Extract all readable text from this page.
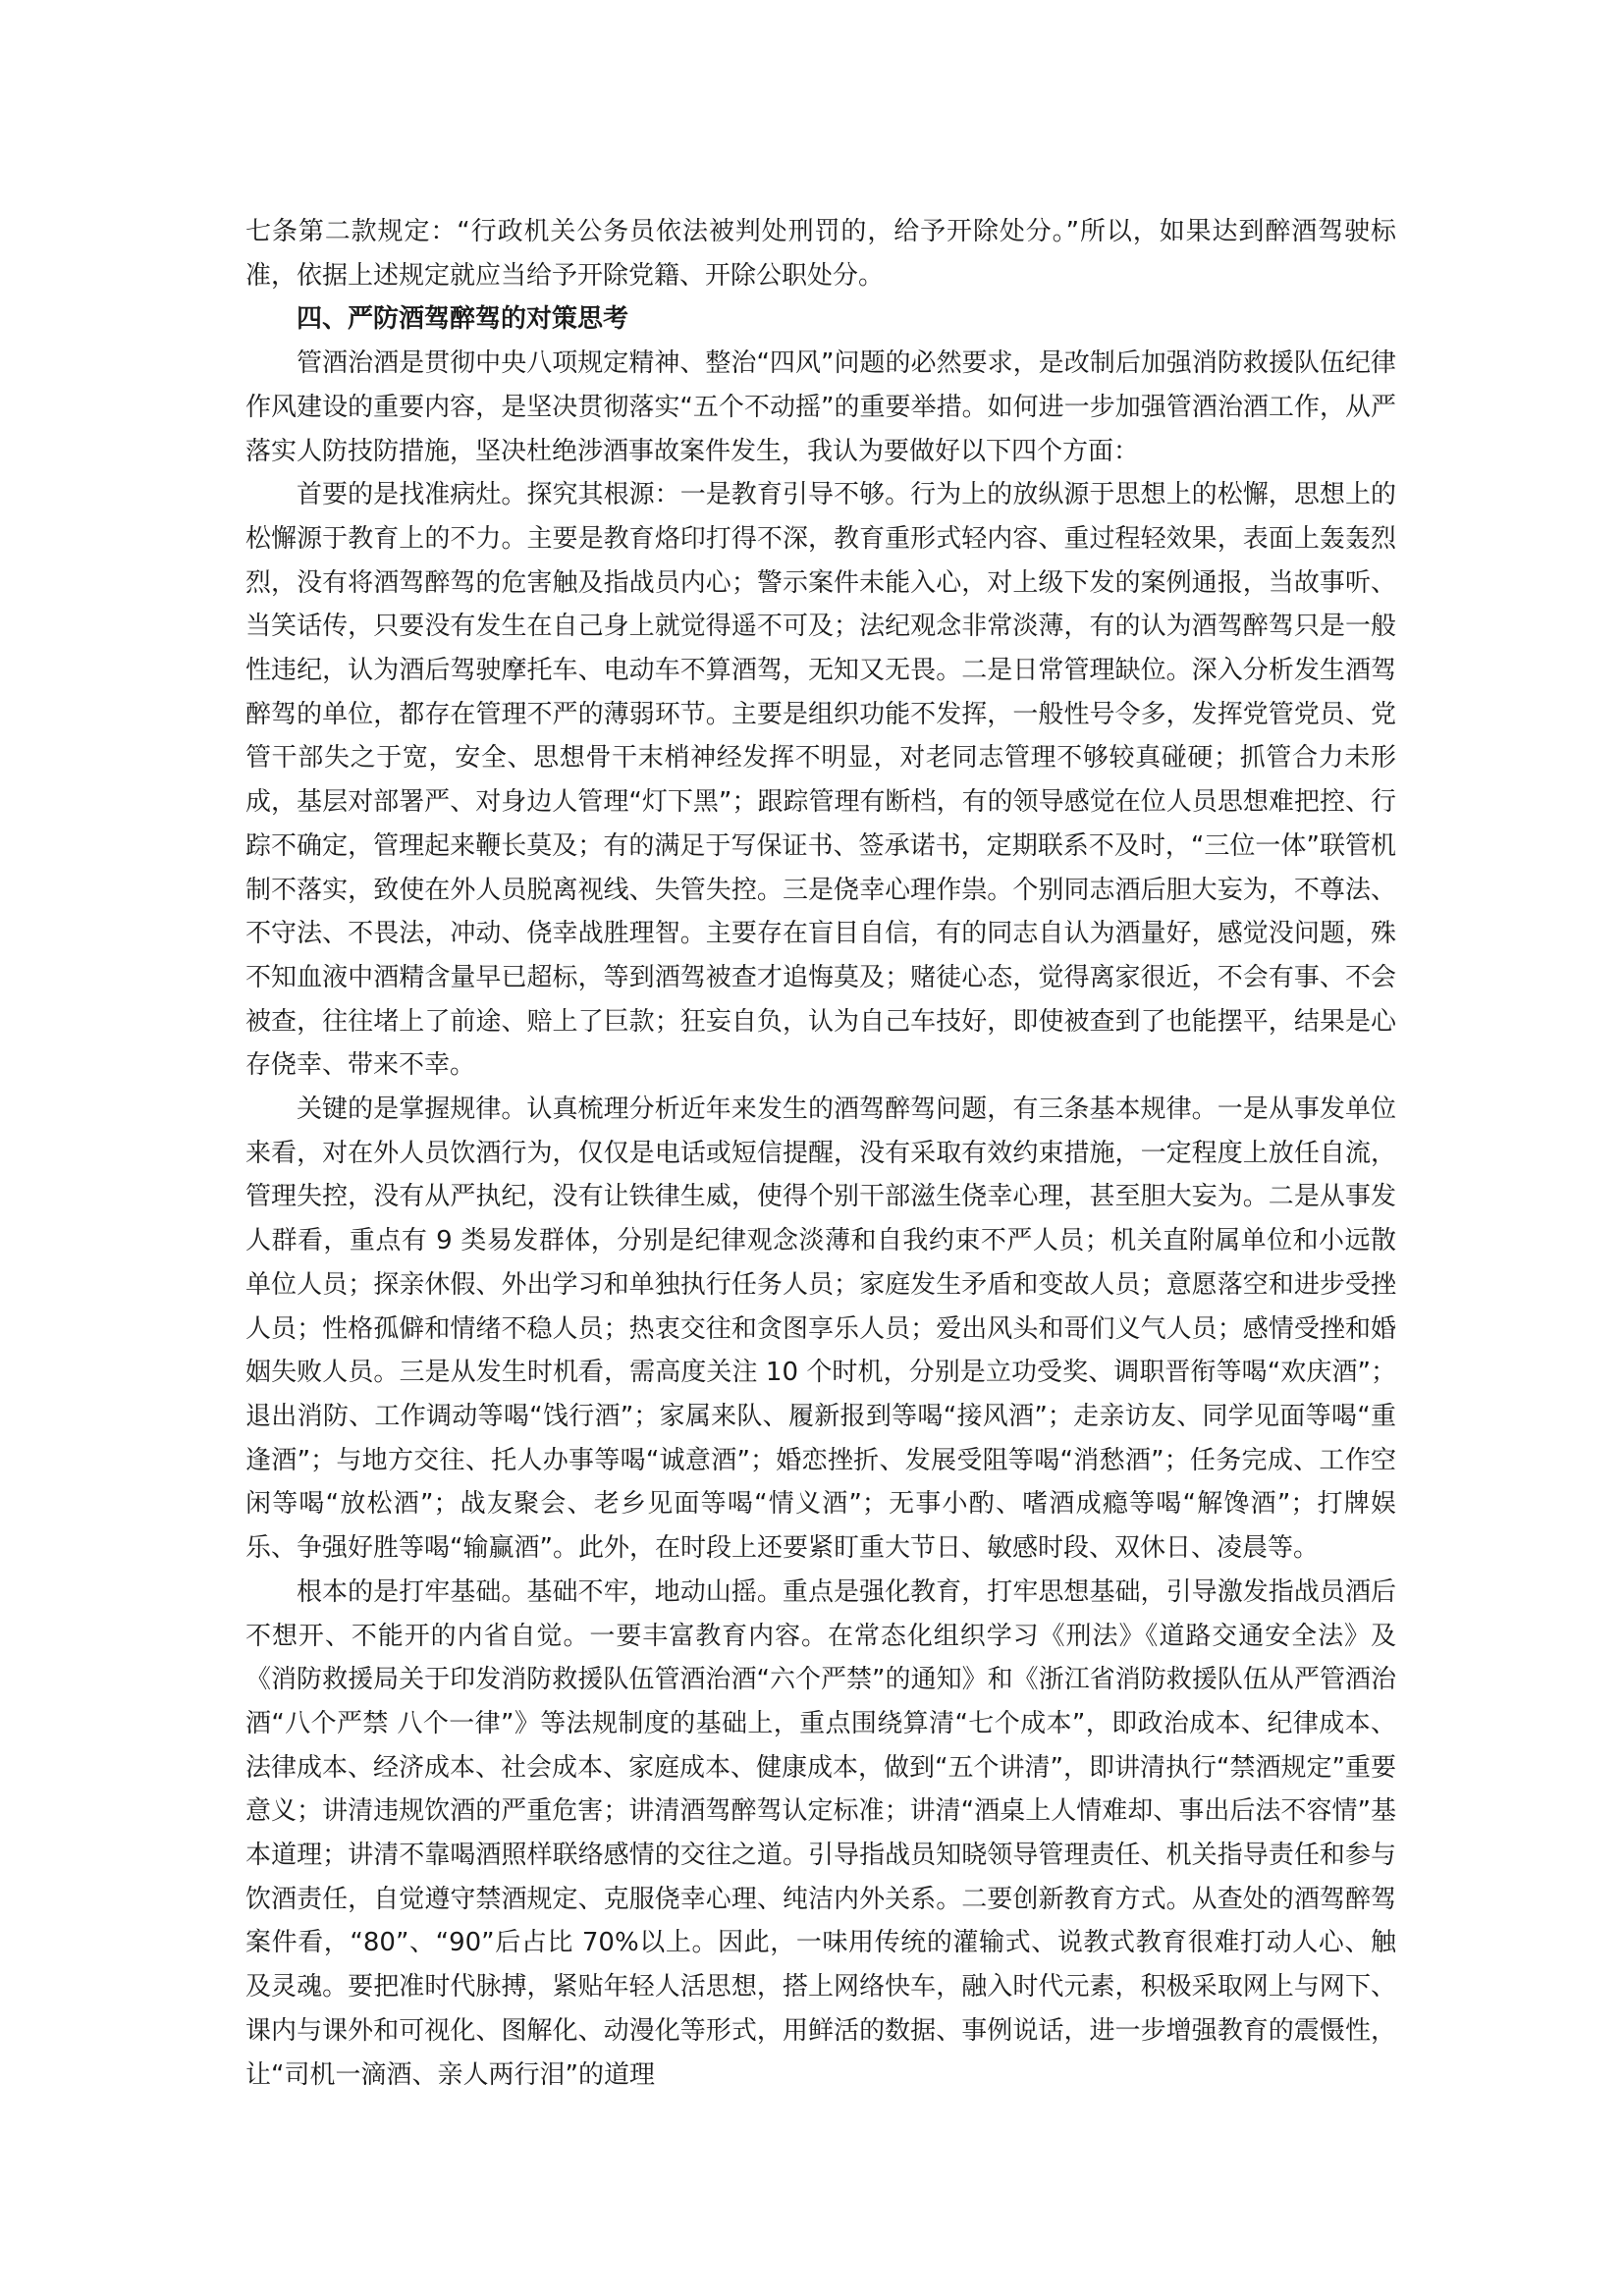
七条第二款规定：“行政机关公务员依法被判处刑罚的，给予开除处分。”所以，如果达到醉酒驾驶标准，依据上述规定就应当给予开除党籍、开除公职处分。

四、严防酒驾醉驾的对策思考

管酒治酒是贯彻中央八项规定精神、整治“四风”问题的必然要求，是改制后加强消防救援队伍纪律作风建设的重要内容，是坚决贯彻落实“五个不动摇”的重要举措。如何进一步加强管酒治酒工作，从严落实人防技防措施，坚决杜绝涉酒事故案件发生，我认为要做好以下四个方面：

首要的是找准病灶。探究其根源：一是教育引导不够。行为上的放纵源于思想上的松懈，思想上的松懈源于教育上的不力。主要是教育烙印打得不深，教育重形式轻内容、重过程轻效果，表面上轰轰烈烈，没有将酒驾醉驾的危害触及指战员内心；警示案件未能入心，对上级下发的案例通报，当故事听、当笑话传，只要没有发生在自己身上就觉得遥不可及；法纪观念非常淡薄，有的认为酒驾醉驾只是一般性违纪，认为酒后驾驶摩托车、电动车不算酒驾，无知又无畏。二是日常管理缺位。深入分析发生酒驾醉驾的单位，都存在管理不严的薄弱环节。主要是组织功能不发挥，一般性号令多，发挥党管党员、党管干部失之于宽，安全、思想骨干末梢神经发挥不明显，对老同志管理不够较真碰硬；抓管合力未形成，基层对部署严、对身边人管理“灯下黑”；跟踪管理有断档，有的领导感觉在位人员思想难把控、行踪不确定，管理起来鞭长莫及；有的满足于写保证书、签承诺书，定期联系不及时，“三位一体”联管机制不落实，致使在外人员脱离视线、失管失控。三是侥幸心理作祟。个别同志酒后胆大妄为，不尊法、不守法、不畏法，冲动、侥幸战胜理智。主要存在盲目自信，有的同志自认为酒量好，感觉没问题，殊不知血液中酒精含量早已超标，等到酒驾被查才追悔莫及；赌徒心态，觉得离家很近，不会有事、不会被查，往往堵上了前途、赔上了巨款；狂妄自负，认为自己车技好，即使被查到了也能摆平，结果是心存侥幸、带来不幸。

关键的是掌握规律。认真梳理分析近年来发生的酒驾醉驾问题，有三条基本规律。一是从事发单位来看，对在外人员饮酒行为，仅仅是电话或短信提醒，没有采取有效约束措施，一定程度上放任自流，管理失控，没有从严执纪，没有让铁律生威，使得个别干部滋生侥幸心理，甚至胆大妄为。二是从事发人群看，重点有 9 类易发群体，分别是纪律观念淡薄和自我约束不严人员；机关直附属单位和小远散单位人员；探亲休假、外出学习和单独执行任务人员；家庭发生矛盾和变故人员；意愿落空和进步受挫人员；性格孤僻和情绪不稳人员；热衷交往和贪图享乐人员；爱出风头和哥们义气人员；感情受挫和婚姻失败人员。三是从发生时机看，需高度关注 10 个时机，分别是立功受奖、调职晋衔等喝“欢庆酒”；退出消防、工作调动等喝“饯行酒”；家属来队、履新报到等喝“接风酒”；走亲访友、同学见面等喝“重逢酒”；与地方交往、托人办事等喝“诚意酒”；婚恋挫折、发展受阻等喝“消愁酒”；任务完成、工作空闲等喝“放松酒”；战友聚会、老乡见面等喝“情义酒”；无事小酌、嗜酒成瘾等喝“解馋酒”；打牌娱乐、争强好胜等喝“输赢酒”。此外，在时段上还要紧盯重大节日、敏感时段、双休日、凌晨等。

根本的是打牢基础。基础不牢，地动山摇。重点是强化教育，打牢思想基础，引导激发指战员酒后不想开、不能开的内省自觉。一要丰富教育内容。在常态化组织学习《刑法》《道路交通安全法》及《消防救援局关于印发消防救援队伍管酒治酒“六个严禁”的通知》和《浙江省消防救援队伍从严管酒治酒“八个严禁 八个一律”》等法规制度的基础上，重点围绕算清“七个成本”，即政治成本、纪律成本、法律成本、经济成本、社会成本、家庭成本、健康成本，做到“五个讲清”，即讲清执行“禁酒规定”重要意义；讲清违规饮酒的严重危害；讲清酒驾醉驾认定标准；讲清“酒桌上人情难却、事出后法不容情”基本道理；讲清不靠喝酒照样联络感情的交往之道。引导指战员知晓领导管理责任、机关指导责任和参与饮酒责任，自觉遵守禁酒规定、克服侥幸心理、纯洁内外关系。二要创新教育方式。从查处的酒驾醉驾案件看，“80”、“90”后占比 70%以上。因此，一味用传统的灌输式、说教式教育很难打动人心、触及灵魂。要把准时代脉搏，紧贴年轻人活思想，搭上网络快车，融入时代元素，积极采取网上与网下、课内与课外和可视化、图解化、动漫化等形式，用鲜活的数据、事例说话，进一步增强教育的震慑性，让“司机一滴酒、亲人两行泪”的道理
